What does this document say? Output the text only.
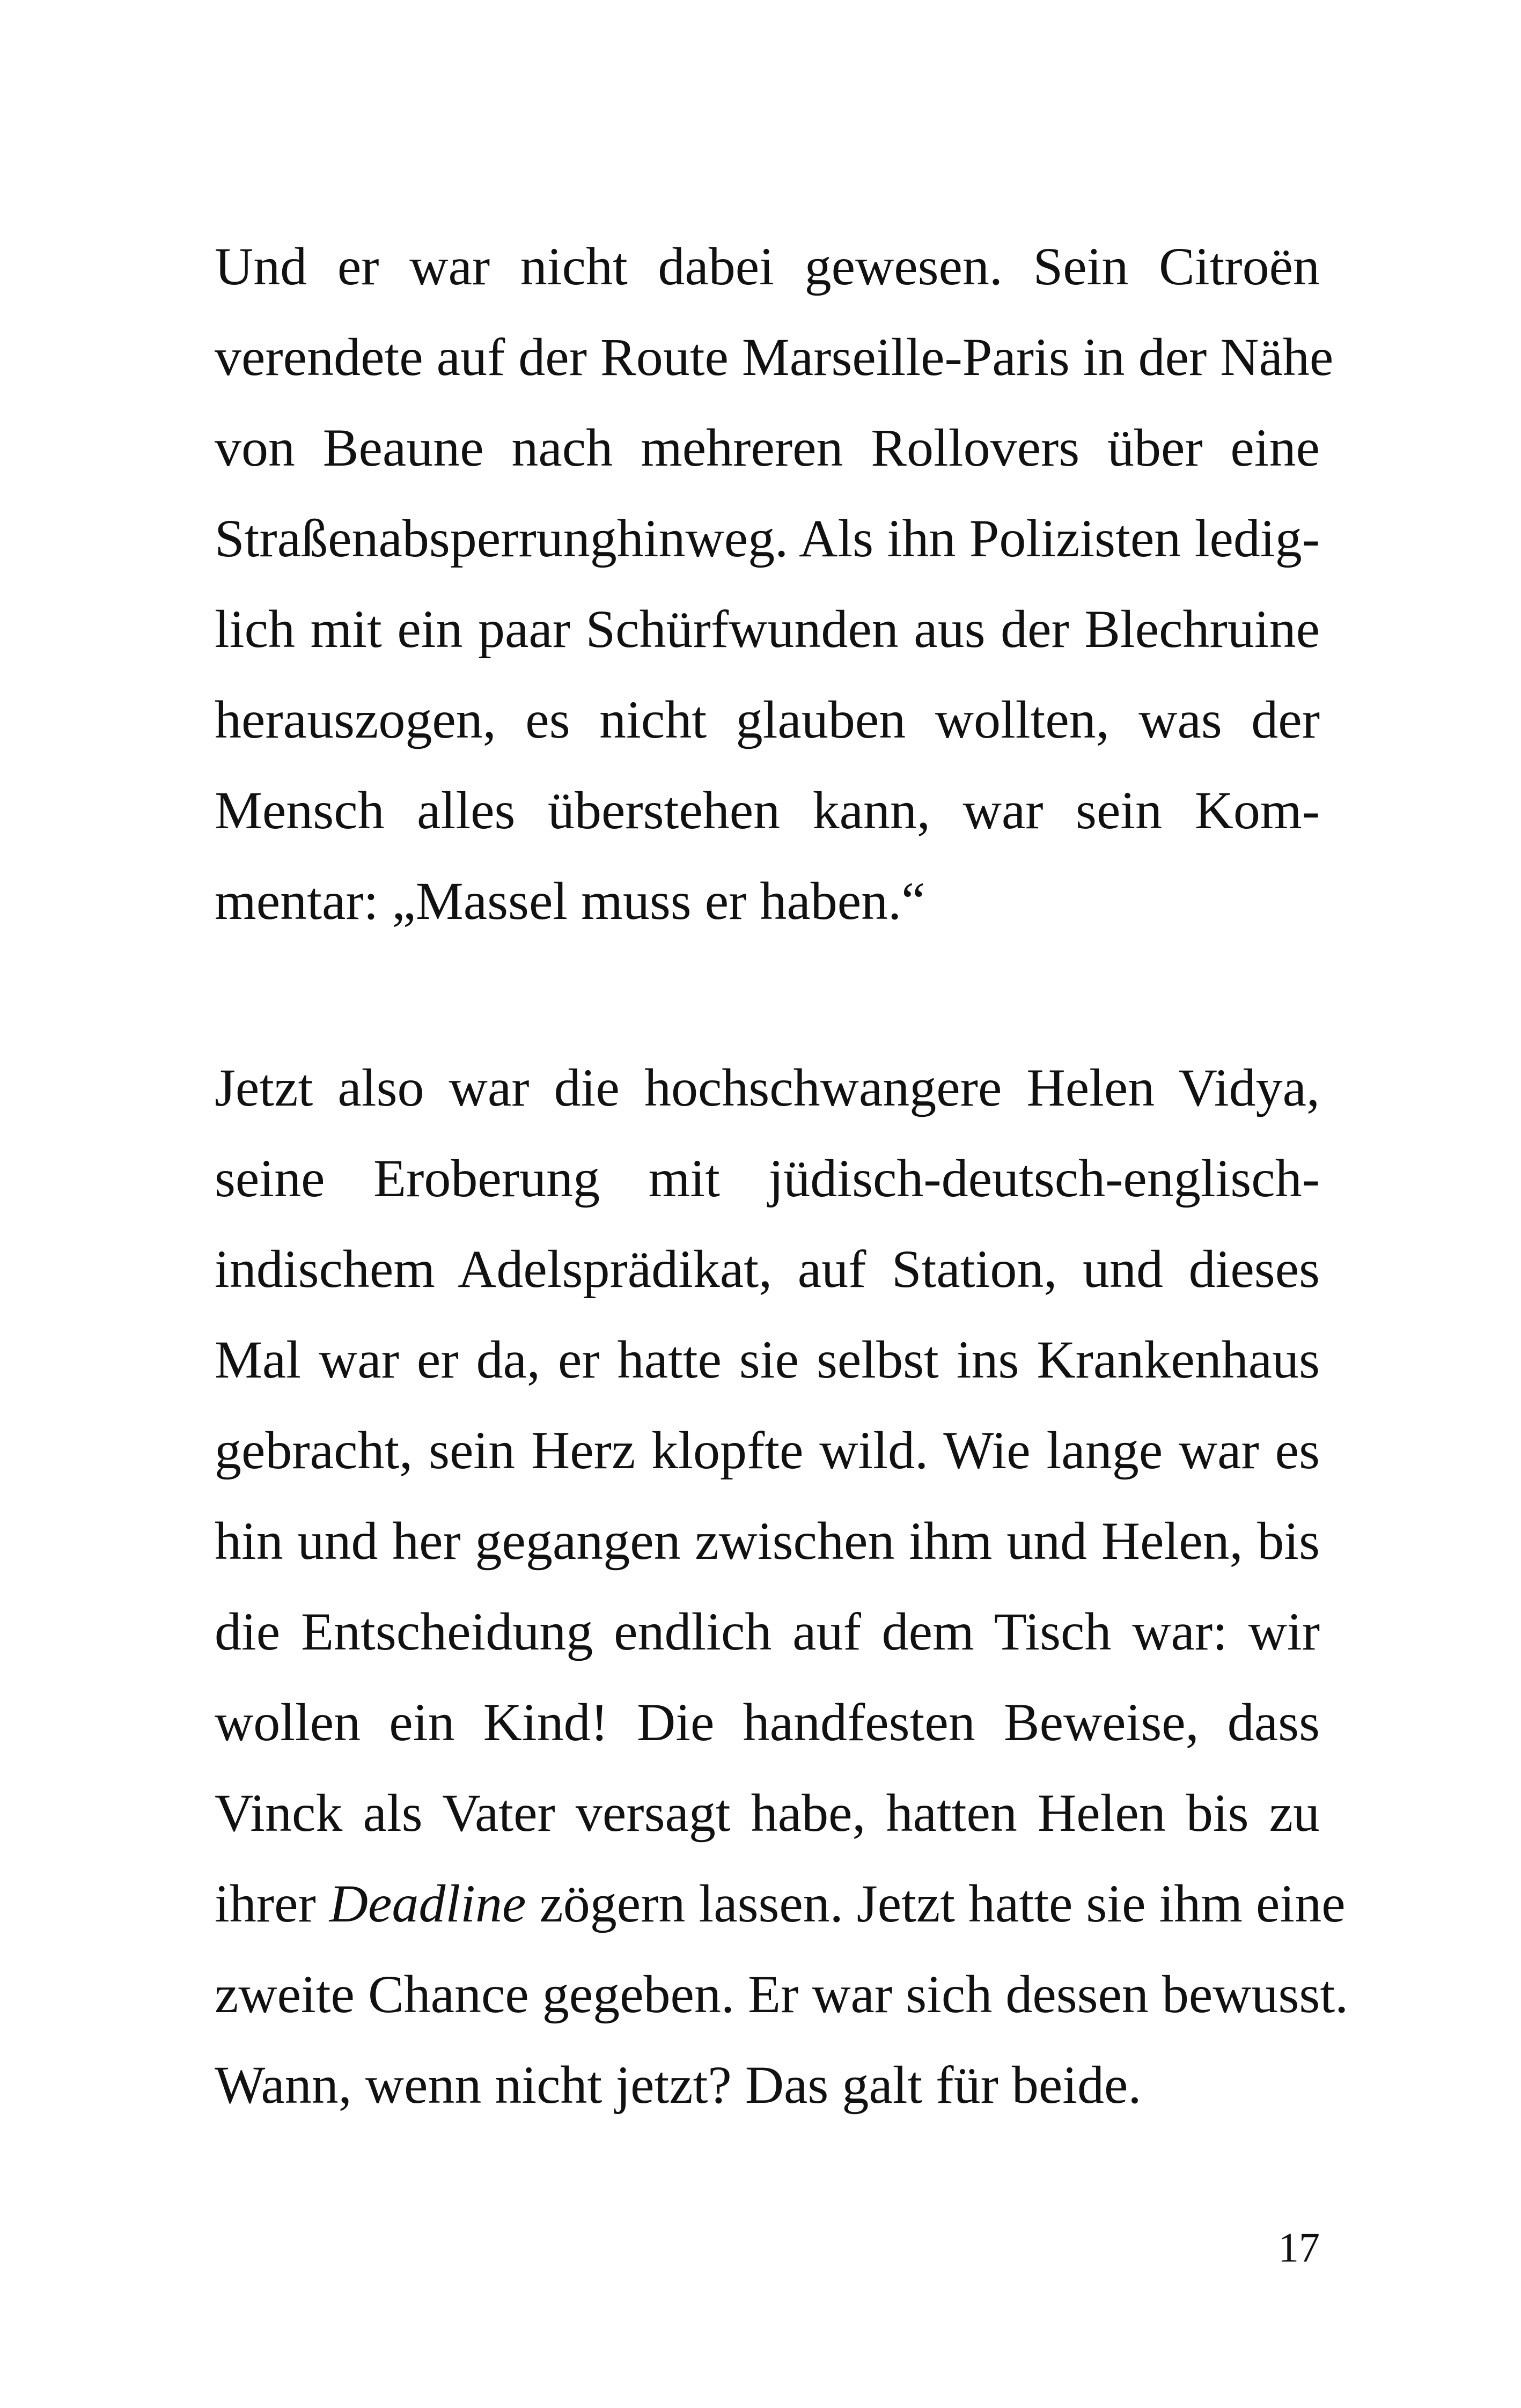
Und er war nicht dabei gewesen. Sein Citroën
verendete auf der Route Marseille-Paris in der Nähe
von Beaune nach mehreren Rollovers über eine
Straßenabsperrunghinweg. Als ihn Polizisten ledig-
lich mit ein paar Schürfwunden aus der Blechruine
herauszogen, es nicht glauben wollten, was der
Mensch alles überstehen kann, war sein Kom-
mentar: „Massel muss er haben.“
Jetzt also war die hochschwangere Helen Vidya,
seine Eroberung mit jüdisch-deutsch-englisch-
indischem Adelsprädikat, auf Station, und dieses
Mal war er da, er hatte sie selbst ins Krankenhaus
gebracht, sein Herz klopfte wild. Wie lange war es
hin und her gegangen zwischen ihm und Helen, bis
die Entscheidung endlich auf dem Tisch war: wir
wollen ein Kind! Die handfesten Beweise, dass
Vinck als Vater versagt habe, hatten Helen bis zu
ihrer Deadline zögern lassen. Jetzt hatte sie ihm eine
zweite Chance gegeben. Er war sich dessen bewusst.
Wann, wenn nicht jetzt? Das galt für beide.
17
